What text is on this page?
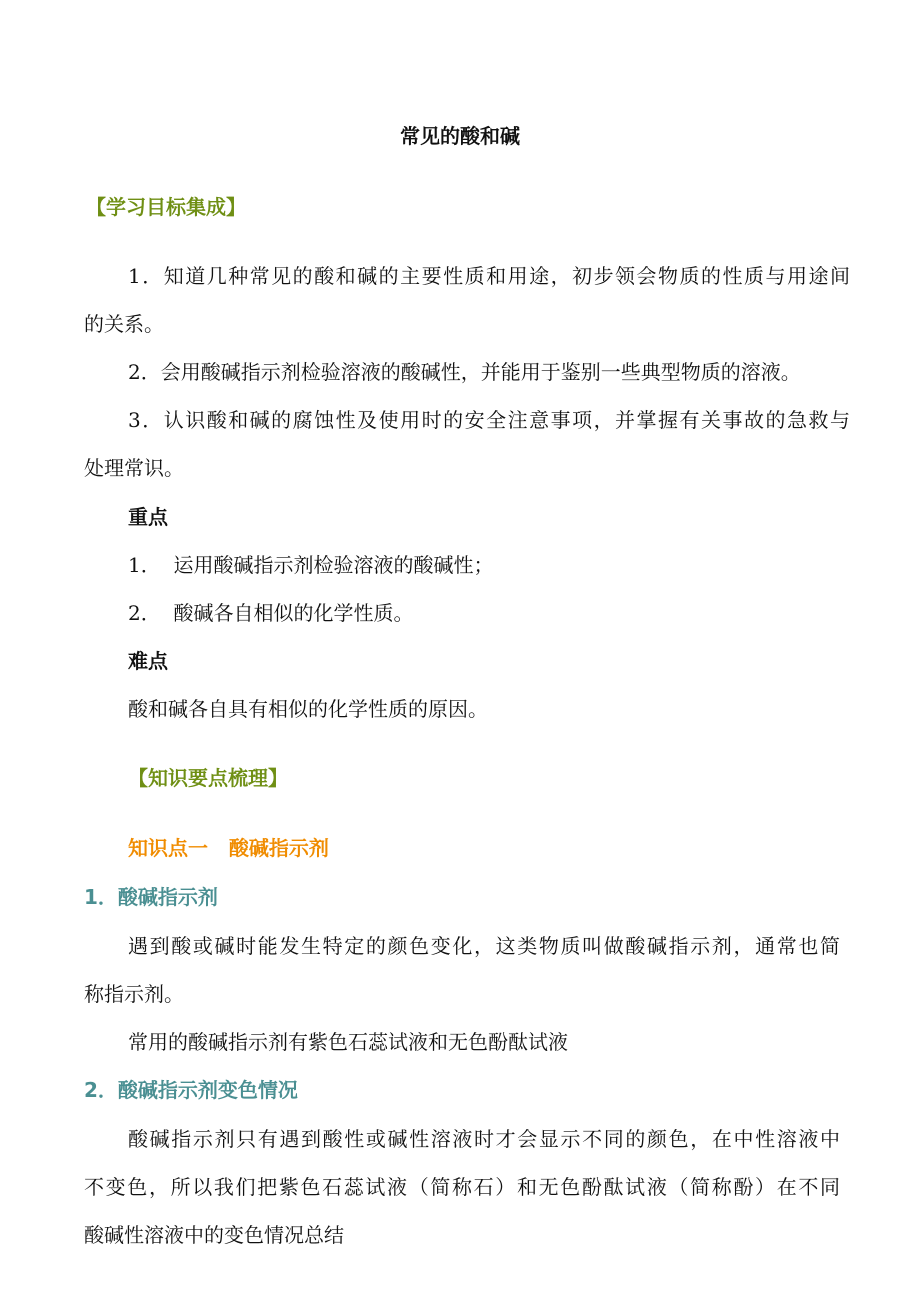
常见的酸和碱
【学习目标集成】
1．知道几种常见的酸和碱的主要性质和用途，初步领会物质的性质与用途间
的关系。
2．会用酸碱指示剂检验溶液的酸碱性，并能用于鉴别一些典型物质的溶液。
3．认识酸和碱的腐蚀性及使用时的安全注意事项，并掌握有关事故的急救与
处理常识。
重点
1．  运用酸碱指示剂检验溶液的酸碱性；
2．  酸碱各自相似的化学性质。
难点
酸和碱各自具有相似的化学性质的原因。
【知识要点梳理】
知识点一   酸碱指示剂
1．酸碱指示剂
遇到酸或碱时能发生特定的颜色变化，这类物质叫做酸碱指示剂，通常也简
称指示剂。
常用的酸碱指示剂有紫色石蕊试液和无色酚酞试液
2．酸碱指示剂变色情况
酸碱指示剂只有遇到酸性或碱性溶液时才会显示不同的颜色，在中性溶液中
不变色，所以我们把紫色石蕊试液（简称石）和无色酚酞试液（简称酚）在不同
酸碱性溶液中的变色情况总结
